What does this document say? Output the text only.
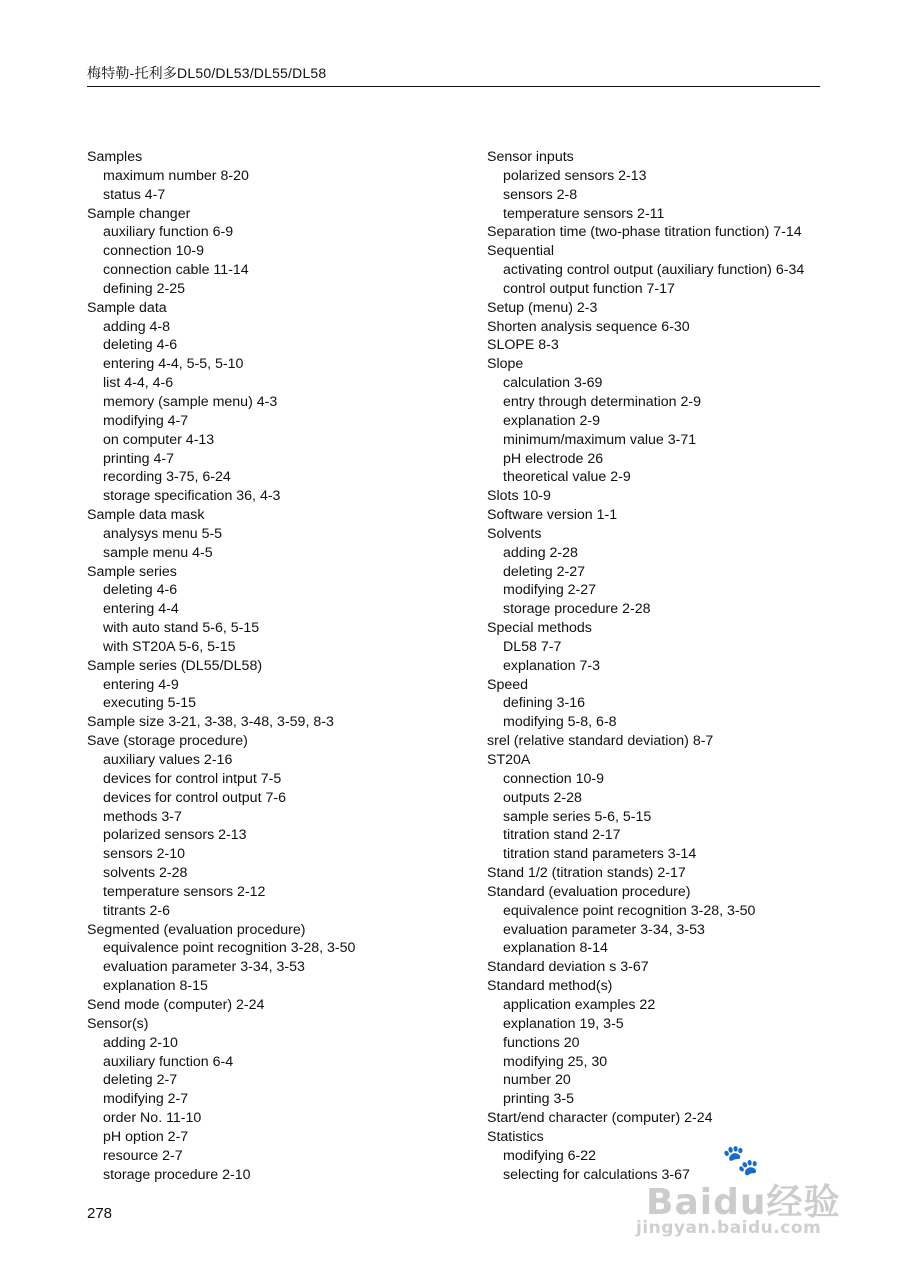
梅特勒-托利多DL50/DL53/DL55/DL58
Samples
maximum number 8-20
status 4-7
Sample changer
auxiliary function 6-9
connection 10-9
connection cable 11-14
defining 2-25
Sample data
adding 4-8
deleting 4-6
entering 4-4, 5-5, 5-10
list 4-4, 4-6
memory (sample menu) 4-3
modifying 4-7
on computer 4-13
printing 4-7
recording 3-75, 6-24
storage specification 36, 4-3
Sample data mask
analysys menu 5-5
sample menu 4-5
Sample series
deleting 4-6
entering 4-4
with auto stand 5-6, 5-15
with ST20A 5-6, 5-15
Sample series (DL55/DL58)
entering 4-9
executing 5-15
Sample size 3-21, 3-38, 3-48, 3-59, 8-3
Save (storage procedure)
auxiliary values 2-16
devices for control intput 7-5
devices for control output 7-6
methods 3-7
polarized sensors 2-13
sensors 2-10
solvents 2-28
temperature sensors 2-12
titrants 2-6
Segmented (evaluation procedure)
equivalence point recognition 3-28, 3-50
evaluation parameter 3-34, 3-53
explanation 8-15
Send mode (computer) 2-24
Sensor(s)
adding 2-10
auxiliary function 6-4
deleting 2-7
modifying 2-7
order No. 11-10
pH option 2-7
resource 2-7
storage procedure 2-10
Sensor inputs
polarized sensors 2-13
sensors 2-8
temperature sensors 2-11
Separation time (two-phase titration function) 7-14
Sequential
activating control output (auxiliary function) 6-34
control output function 7-17
Setup (menu) 2-3
Shorten analysis sequence 6-30
SLOPE 8-3
Slope
calculation 3-69
entry through determination 2-9
explanation 2-9
minimum/maximum value 3-71
pH electrode 26
theoretical value 2-9
Slots 10-9
Software version 1-1
Solvents
adding 2-28
deleting 2-27
modifying 2-27
storage procedure 2-28
Special methods
DL58 7-7
explanation 7-3
Speed
defining 3-16
modifying 5-8, 6-8
srel (relative standard deviation) 8-7
ST20A
connection 10-9
outputs 2-28
sample series 5-6, 5-15
titration stand 2-17
titration stand parameters 3-14
Stand 1/2 (titration stands) 2-17
Standard (evaluation procedure)
equivalence point recognition 3-28, 3-50
evaluation parameter 3-34, 3-53
explanation 8-14
Standard deviation s 3-67
Standard method(s)
application examples 22
explanation 19, 3-5
functions 20
modifying 25, 30
number 20
printing 3-5
Start/end character (computer) 2-24
Statistics
modifying 6-22
selecting for calculations 3-67
278
🐾
Baidu经验
jingyan.baidu.com
